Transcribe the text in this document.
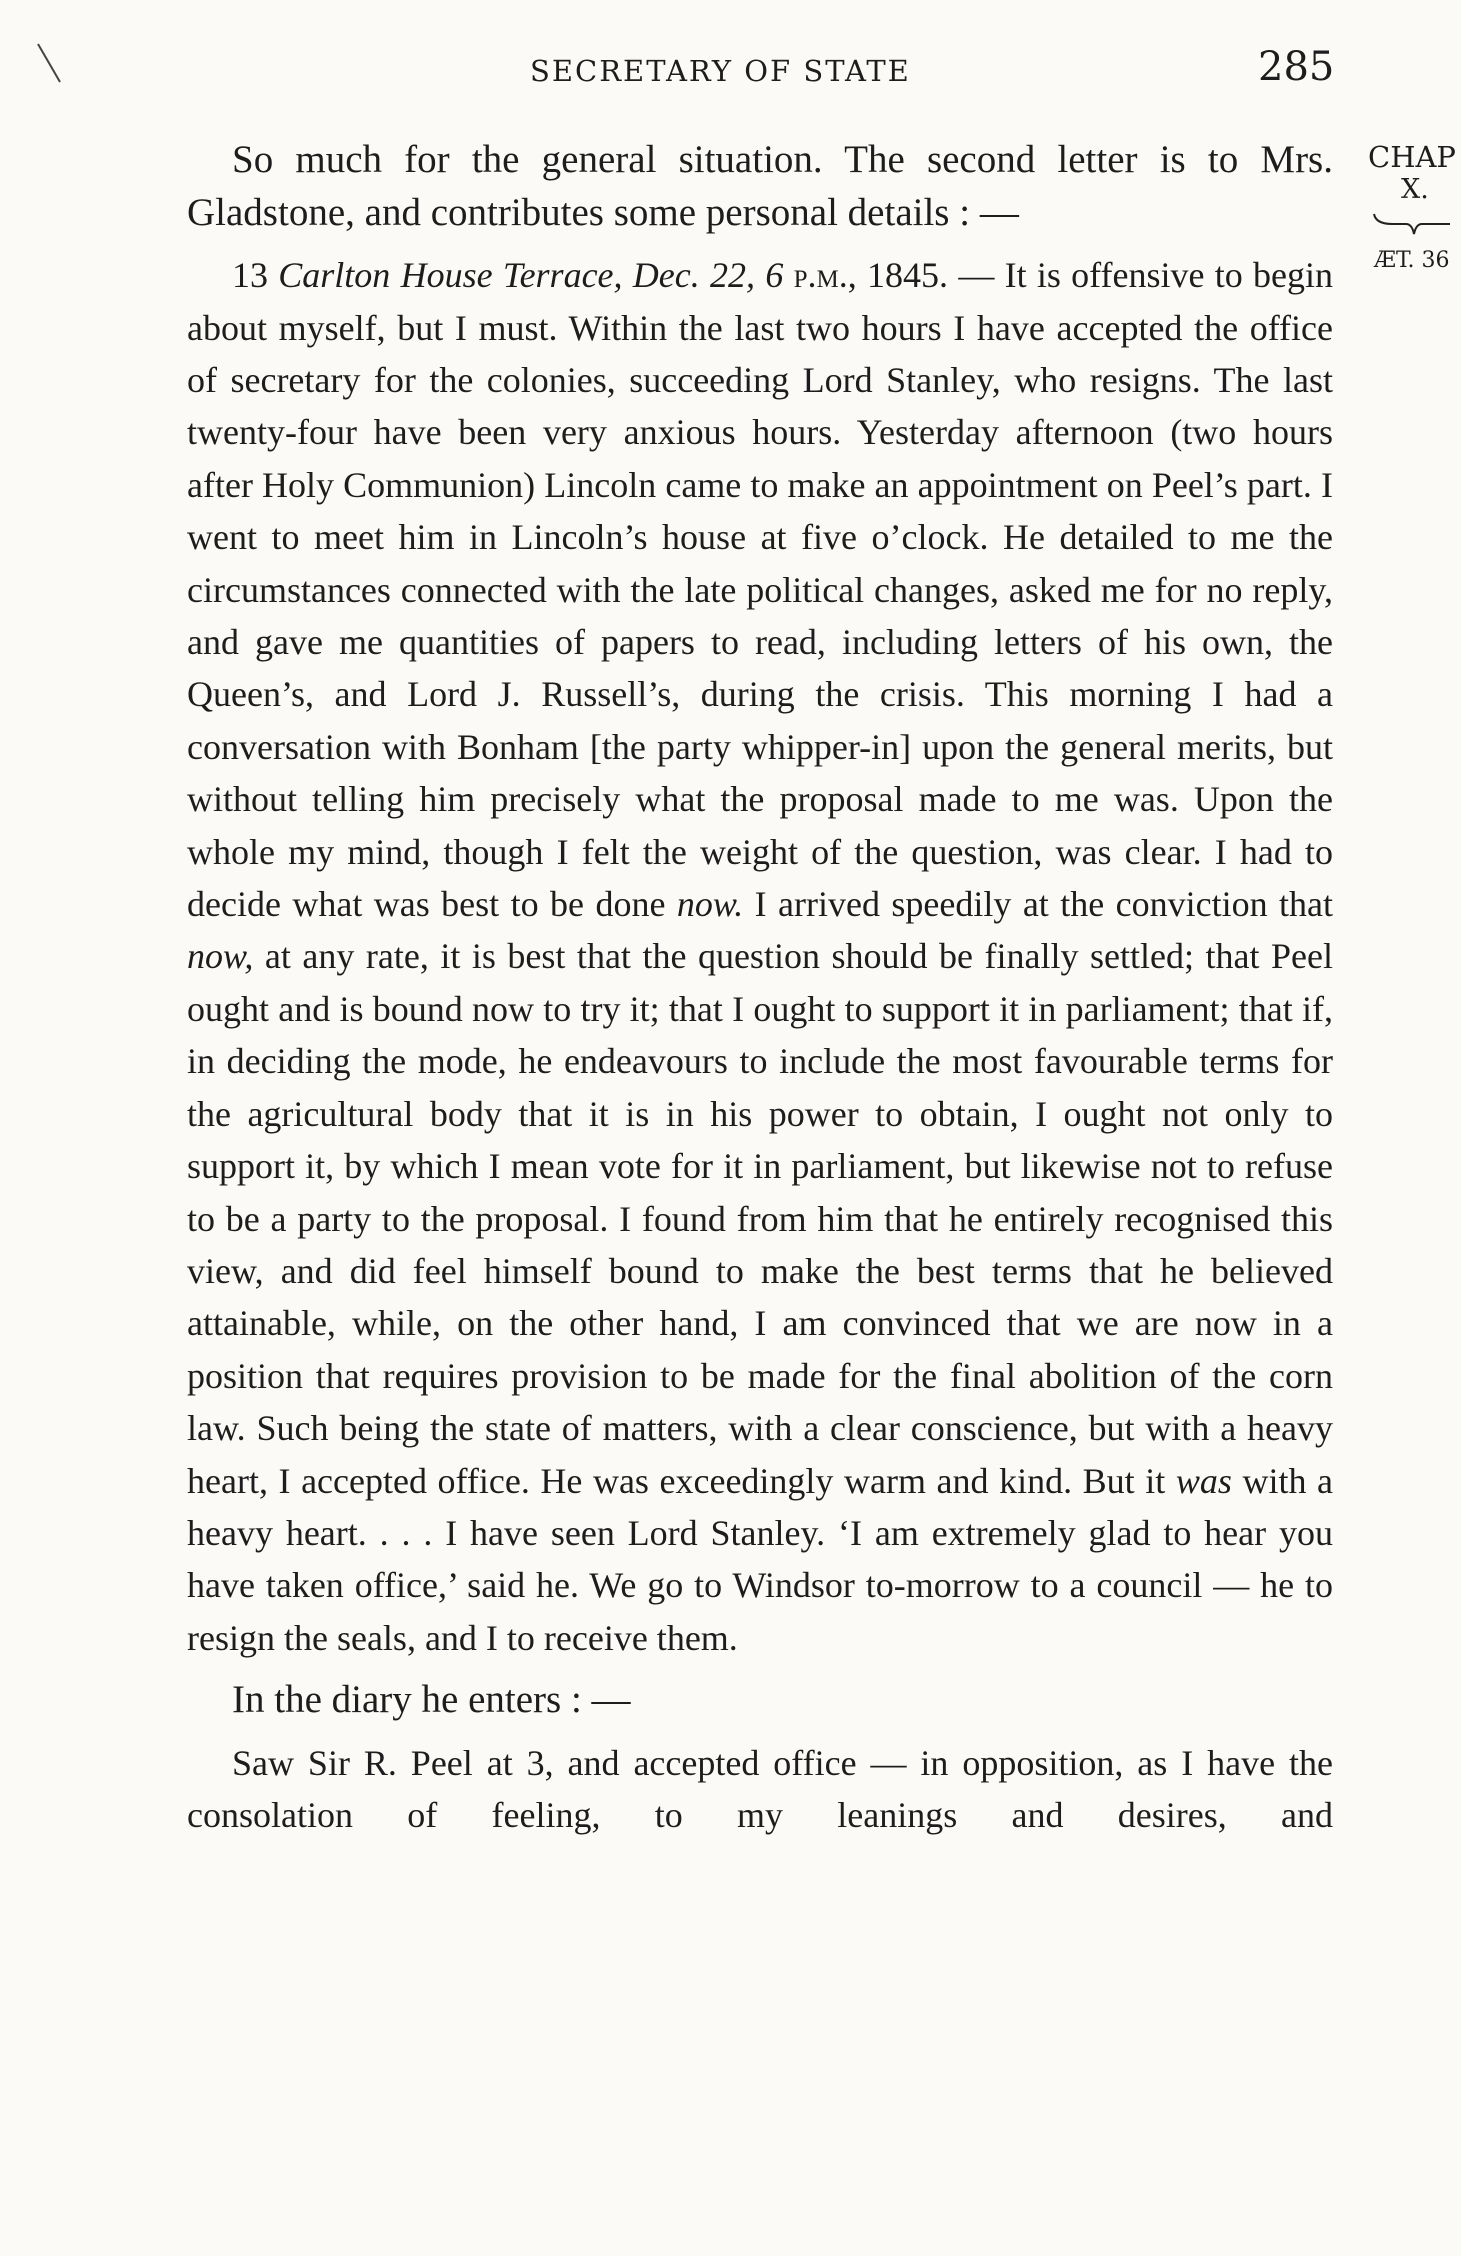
SECRETARY OF STATE	285
CHAP
X.
ÆT. 36

So much for the general situation. The second letter is to Mrs. Gladstone, and contributes some personal details : —

13 Carlton House Terrace, Dec. 22, 6 p.m., 1845. — It is offensive to begin about myself, but I must. Within the last two hours I have accepted the office of secretary for the colonies, succeeding Lord Stanley, who resigns. The last twenty-four have been very anxious hours. Yesterday afternoon (two hours after Holy Communion) Lincoln came to make an appointment on Peel’s part. I went to meet him in Lincoln’s house at five o’clock. He detailed to me the circumstances connected with the late political changes, asked me for no reply, and gave me quantities of papers to read, including letters of his own, the Queen’s, and Lord J. Russell’s, during the crisis. This morning I had a conversation with Bonham [the party whipper-in] upon the general merits, but without telling him precisely what the proposal made to me was. Upon the whole my mind, though I felt the weight of the question, was clear. I had to decide what was best to be done now. I arrived speedily at the conviction that now, at any rate, it is best that the question should be finally settled; that Peel ought and is bound now to try it; that I ought to support it in parliament; that if, in deciding the mode, he endeavours to include the most favourable terms for the agricultural body that it is in his power to obtain, I ought not only to support it, by which I mean vote for it in parliament, but likewise not to refuse to be a party to the proposal. I found from him that he entirely recognised this view, and did feel himself bound to make the best terms that he believed attainable, while, on the other hand, I am convinced that we are now in a position that requires provision to be made for the final abolition of the corn law. Such being the state of matters, with a clear conscience, but with a heavy heart, I accepted office. He was exceedingly warm and kind. But it was with a heavy heart. . . . I have seen Lord Stanley. ‘I am extremely glad to hear you have taken office,’ said he. We go to Windsor to-morrow to a council — he to resign the seals, and I to receive them.

In the diary he enters : —

Saw Sir R. Peel at 3, and accepted office — in opposition, as I have the consolation of feeling, to my leanings and desires, and
